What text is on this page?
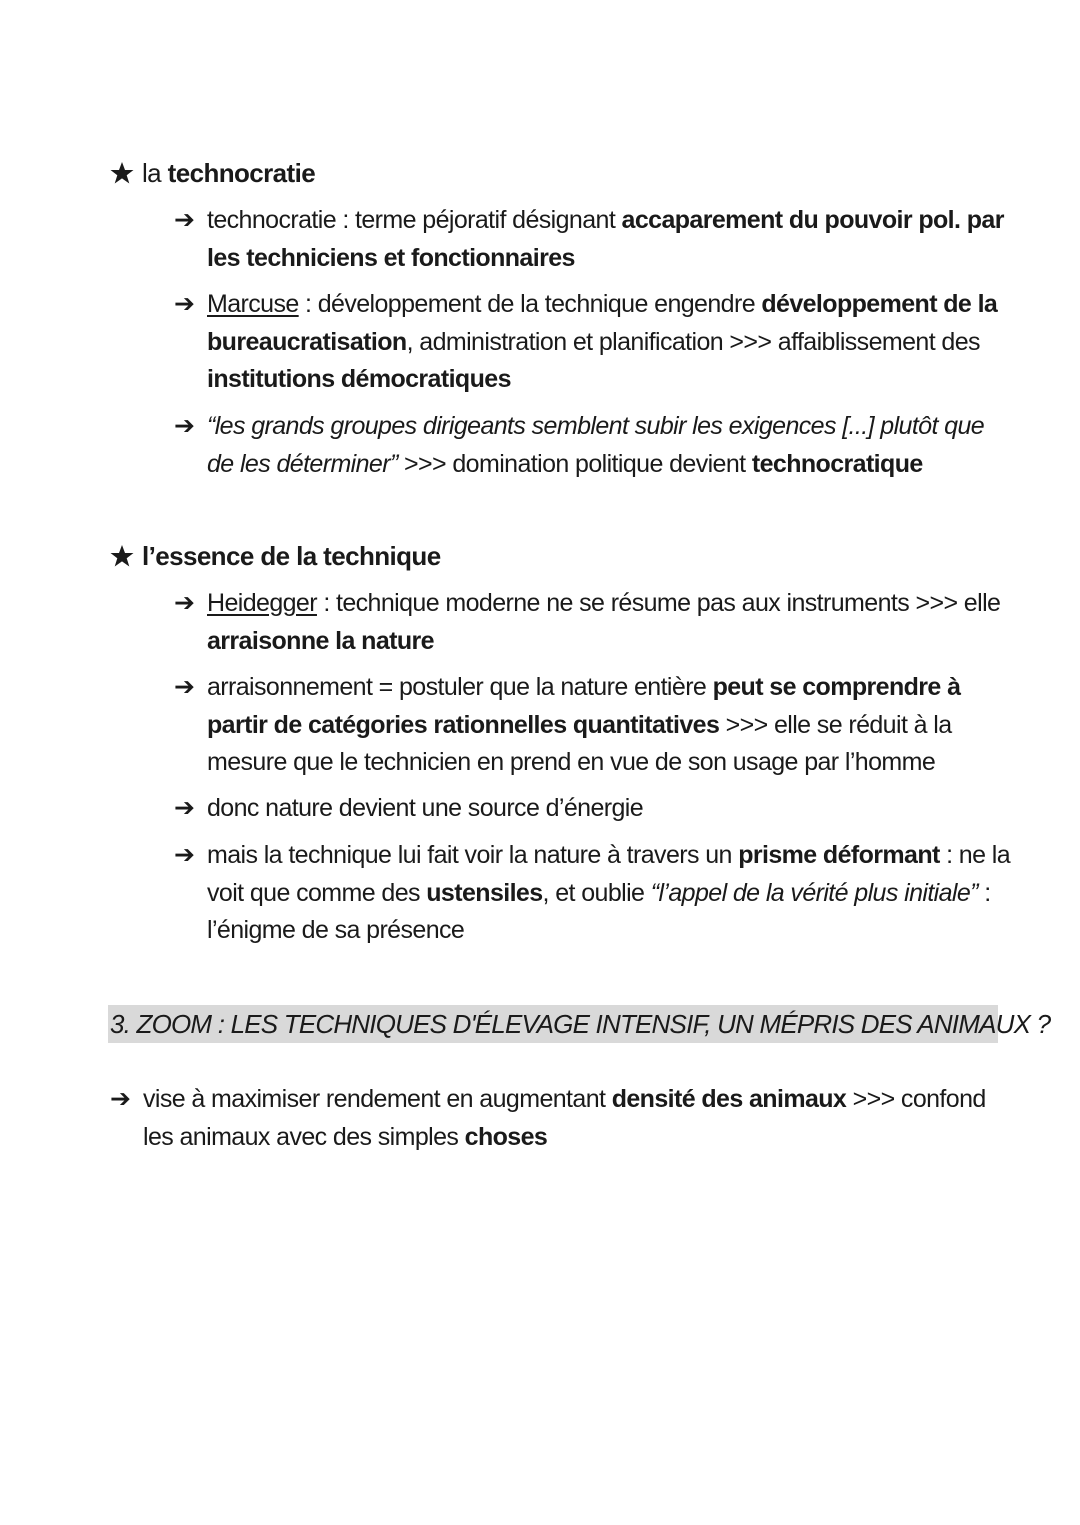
la technocratie
➔ technocratie : terme péjoratif désignant accaparement du pouvoir pol. par les techniciens et fonctionnaires
➔ Marcuse : développement de la technique engendre développement de la bureaucratisation, administration et planification >>> affaiblissement des institutions démocratiques
➔ “les grands groupes dirigeants semblent subir les exigences [...] plutôt que de les déterminer” >>> domination politique devient technocratique
l’essence de la technique
➔ Heidegger : technique moderne ne se résume pas aux instruments >>> elle arraisonne la nature
➔ arraisonnement = postuler que la nature entière peut se comprendre à partir de catégories rationnelles quantitatives >>> elle se réduit à la mesure que le technicien en prend en vue de son usage par l’homme
➔ donc nature devient une source d’énergie
➔ mais la technique lui fait voir la nature à travers un prisme déformant : ne la voit que comme des ustensiles, et oublie “l’appel de la vérité plus initiale” : l’énigme de sa présence
3. ZOOM : LES TECHNIQUES D'ÉLEVAGE INTENSIF, UN MÉPRIS DES ANIMAUX ?
➔ vise à maximiser rendement en augmentant densité des animaux >>> confond les animaux avec des simples choses
